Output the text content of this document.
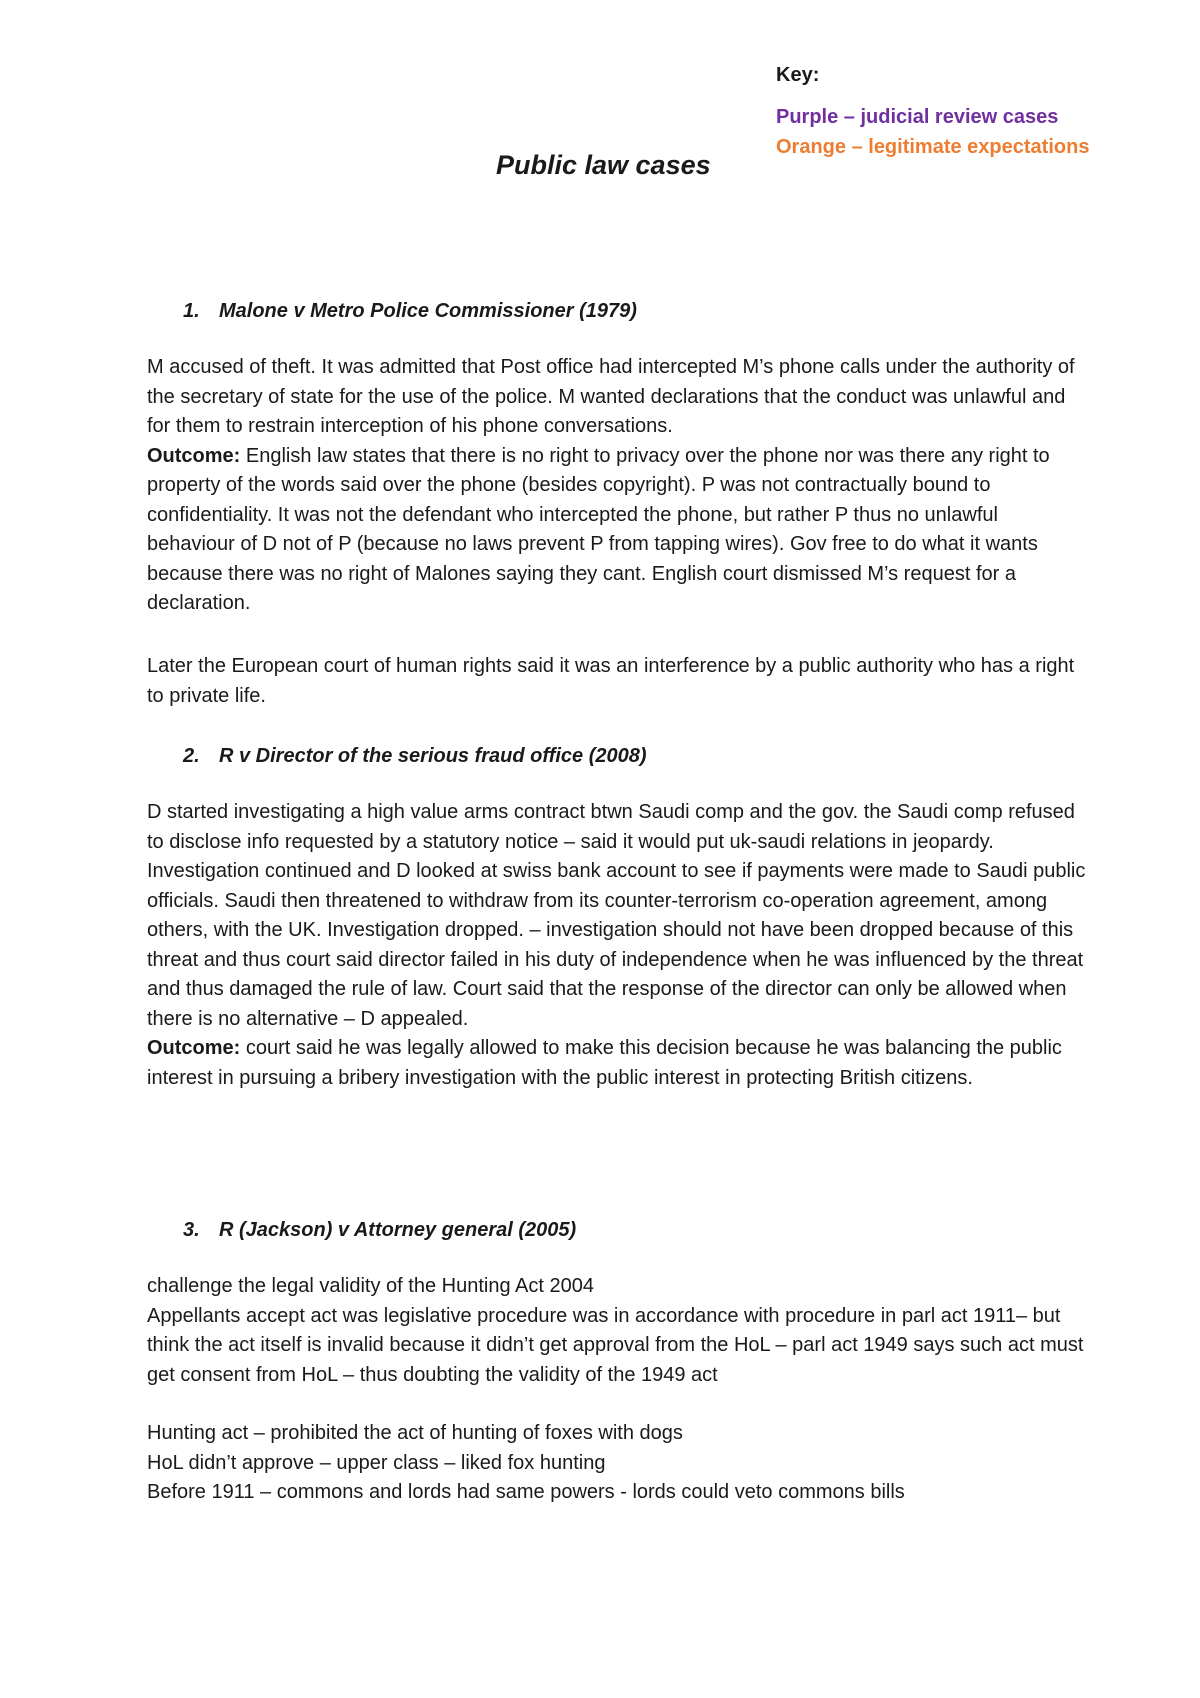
Key:
Purple – judicial review cases
Orange – legitimate expectations
Public law cases
1. Malone v Metro Police Commissioner (1979)

M accused of theft. It was admitted that Post office had intercepted M’s phone calls under the authority of the secretary of state for the use of the police. M wanted declarations that the conduct was unlawful and for them to restrain interception of his phone conversations.

Outcome: English law states that there is no right to privacy over the phone nor was there any right to property of the words said over the phone (besides copyright). P was not contractually bound to confidentiality. It was not the defendant who intercepted the phone, but rather P thus no unlawful behaviour of D not of P (because no laws prevent P from tapping wires). Gov free to do what it wants because there was no right of Malones saying they cant. English court dismissed M’s request for a declaration.

Later the European court of human rights said it was an interference by a public authority who has a right to private life.

2. R v Director of the serious fraud office (2008)

D started investigating a high value arms contract btwn Saudi comp and the gov. the Saudi comp refused to disclose info requested by a statutory notice – said it would put uk-saudi relations in jeopardy. Investigation continued and D looked at swiss bank account to see if payments were made to Saudi public officials. Saudi then threatened to withdraw from its counter-terrorism co-operation agreement, among others, with the UK. Investigation dropped. – investigation should not have been dropped because of this threat and thus court said director failed in his duty of independence when he was influenced by the threat and thus damaged the rule of law. Court said that the response of the director can only be allowed when there is no alternative – D appealed.

Outcome: court said he was legally allowed to make this decision because he was balancing the public interest in pursuing a bribery investigation with the public interest in protecting British citizens.

3. R (Jackson) v Attorney general (2005)

challenge the legal validity of the Hunting Act 2004

Appellants accept act was legislative procedure was in accordance with procedure in parl act 1911– but think the act itself is invalid because it didn’t get approval from the HoL – parl act 1949 says such act must get consent from HoL – thus doubting the validity of the 1949 act

Hunting act – prohibited the act of hunting of foxes with dogs

HoL didn’t approve – upper class – liked fox hunting

Before 1911 – commons and lords had same powers - lords could veto commons bills
